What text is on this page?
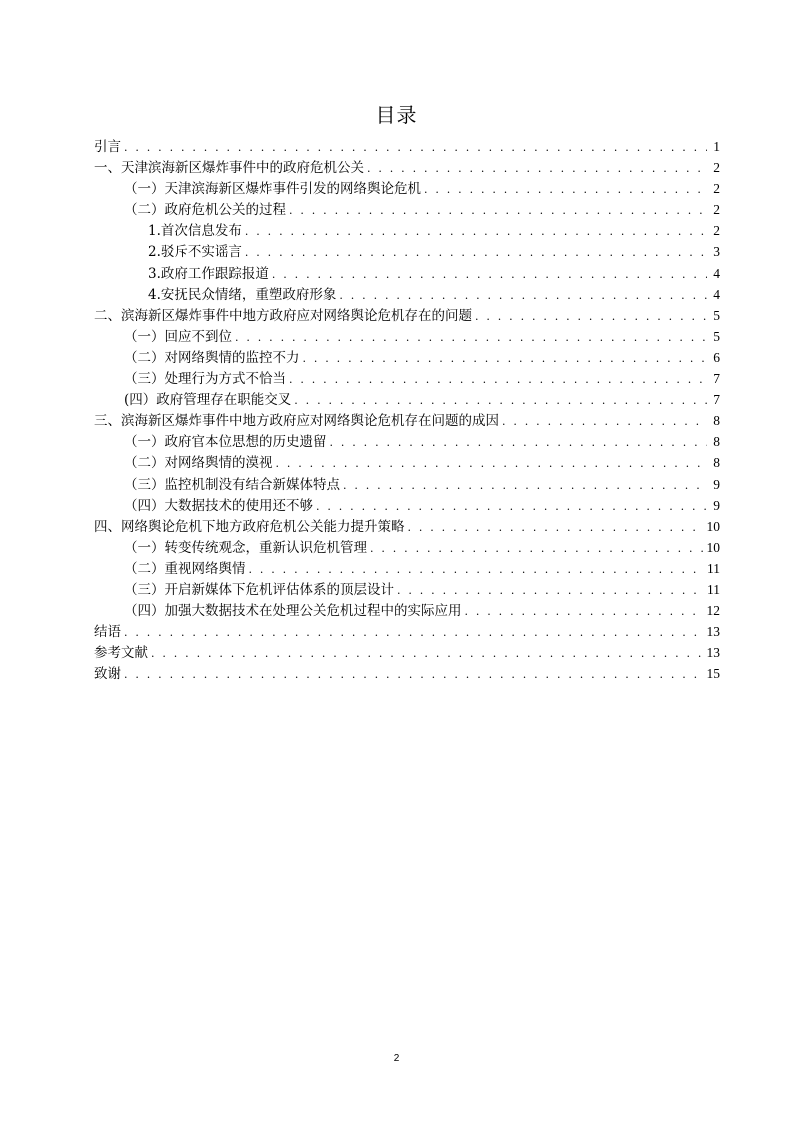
目录
引言 . . .	1
一、天津滨海新区爆炸事件中的政府危机公关 . . .	2
（一）天津滨海新区爆炸事件引发的网络舆论危机 . . .	2
（二）政府危机公关的过程 . . .	2
1.首次信息发布 . . .	2
2.驳斥不实谣言 . . .	3
3.政府工作跟踪报道 . . .	4
4.安抚民众情绪，重塑政府形象 . . .	4
二、滨海新区爆炸事件中地方政府应对网络舆论危机存在的问题 . . .	5
（一）回应不到位 . . .	5
（二）对网络舆情的监控不力 . . .	6
（三）处理行为方式不恰当 . . .	7
(四）政府管理存在职能交叉 . . .	7
三、滨海新区爆炸事件中地方政府应对网络舆论危机存在问题的成因 . . .	8
（一）政府官本位思想的历史遗留 . . .	8
（二）对网络舆情的漠视 . . .	8
（三）监控机制没有结合新媒体特点 . . .	9
（四）大数据技术的使用还不够 . . .	9
四、网络舆论危机下地方政府危机公关能力提升策略 . . .	10
（一）转变传统观念，重新认识危机管理 . . .	10
（二）重视网络舆情 . . .	11
（三）开启新媒体下危机评估体系的顶层设计 . . .	11
（四）加强大数据技术在处理公关危机过程中的实际应用 . . .	12
结语 . . .	13
参考文献 . . .	13
致谢 . . .	15
2
